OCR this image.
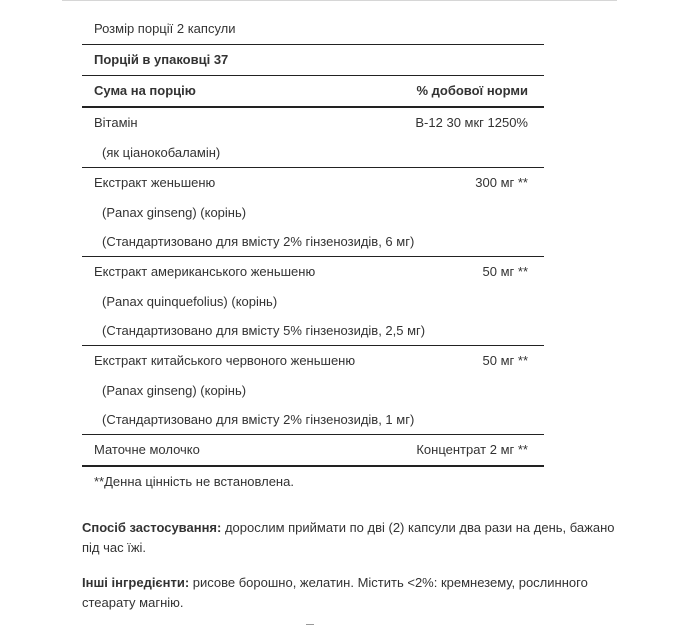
Розмір порції 2 капсули
Порцій в упаковці 37
Сума на порцію	% добової норми
Вітамін	В-12 30 мкг 1250%
(як ціанокобаламін)
Екстракт женьшеню	300 мг **
(Panax ginseng) (корінь)
(Стандартизовано для вмісту 2% гінзенозидів, 6 мг)
Екстракт американського женьшеню	50 мг **
(Panax quinquefolius) (корінь)
(Стандартизовано для вмісту 5% гінзенозидів, 2,5 мг)
Екстракт китайського червоного женьшеню	50 мг **
(Panax ginseng) (корінь)
(Стандартизовано для вмісту 2% гінзенозидів, 1 мг)
Маточне молочко	Концентрат 2 мг **
**Денна цінність не встановлена.
Спосіб застосування: дорослим приймати по дві (2) капсули два рази на день, бажано під час їжі.
Інші інгредієнти: рисове борошно, желатин. Містить <2%: кремнезему, рослинного стеарату магнію.
